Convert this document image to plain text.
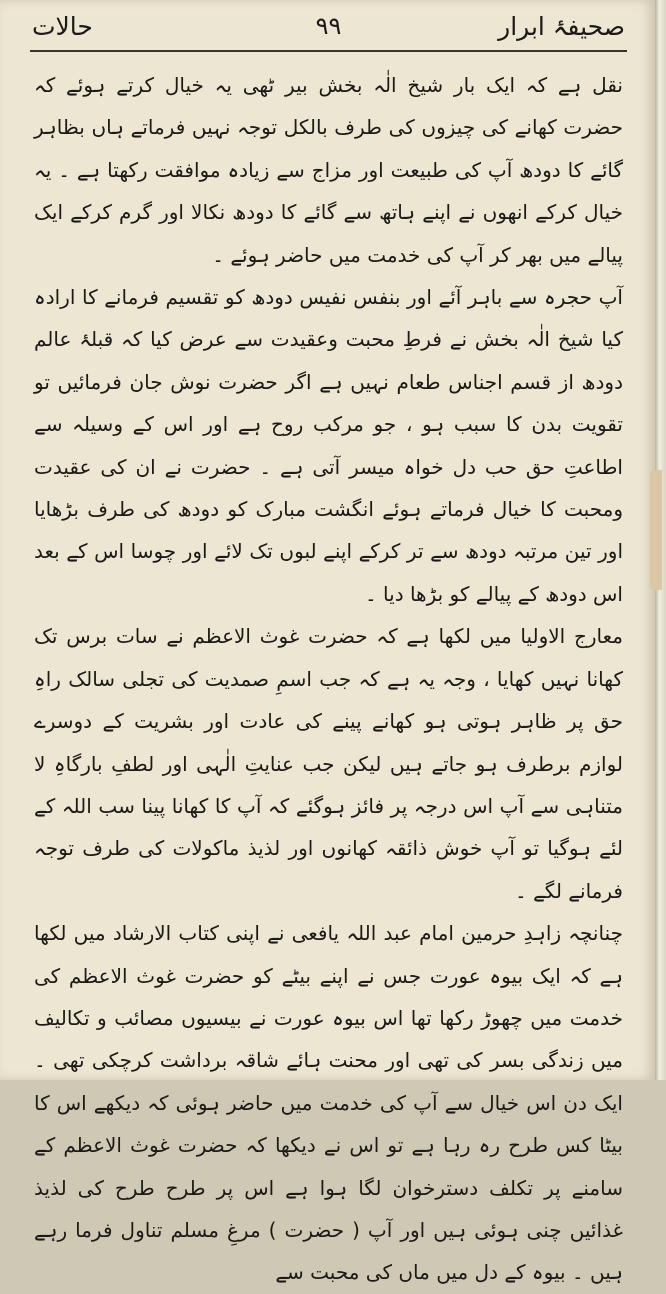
صحیفۂ ابرار
۹۹
حالات

نقل ہے کہ ایک بار شیخ الٰہ بخش بیر ٹھی یہ خیال کرتے ہوئے کہ حضرت کھانے کی چیزوں کی طرف بالکل توجہ نہیں فرماتے ہاں بظاہر گائے کا دودھ آپ کی طبیعت اور مزاج سے زیادہ موافقت رکھتا ہے ۔ یہ خیال کرکے انھوں نے اپنے ہاتھ سے گائے کا دودھ نکالا اور گرم کرکے ایک پیالے میں بھر کر آپ کی خدمت میں حاضر ہوئے ۔

آپ حجرہ سے باہر آئے اور بنفس نفیس دودھ کو تقسیم فرمانے کا ارادہ کیا شیخ الٰہ بخش نے فرطِ محبت وعقیدت سے عرض کیا کہ قبلۂ عالم دودھ از قسم اجناس طعام نہیں ہے اگر حضرت نوش جان فرمائیں تو تقویت بدن کا سبب ہو ، جو مرکب روح ہے اور اس کے وسیلہ سے اطاعتِ حق حب دل خواہ میسر آتی ہے ۔ حضرت نے ان کی عقیدت ومحبت کا خیال فرماتے ہوئے انگشت مبارک کو دودھ کی طرف بڑھایا اور تین مرتبہ دودھ سے تر کرکے اپنے لبوں تک لائے اور چوسا اس کے بعد اس دودھ کے پیالے کو بڑھا دیا ۔

معارج الاولیا میں لکھا ہے کہ حضرت غوث الاعظم نے سات برس تک کھانا نہیں کھایا ، وجہ یہ ہے کہ جب اسمِ صمدیت کی تجلی سالک راہِ حق پر ظاہر ہوتی ہو کھانے پینے کی عادت اور بشریت کے دوسرے لوازم برطرف ہو جاتے ہیں لیکن جب عنایتِ الٰہی اور لطفِ بارگاہِ لا متناہی سے آپ اس درجہ پر فائز ہوگئے کہ آپ کا کھانا پینا سب اللہ کے لئے ہوگیا تو آپ خوش ذائقہ کھانوں اور لذیذ ماکولات کی طرف توجہ فرمانے لگے ۔

چنانچہ زاہدِ حرمین امام عبد اللہ یافعی نے اپنی کتاب الارشاد میں لکھا ہے کہ ایک بیوہ عورت جس نے اپنے بیٹے کو حضرت غوث الاعظم کی خدمت میں چھوڑ رکھا تھا اس بیوہ عورت نے بیسیوں مصائب و تکالیف میں زندگی بسر کی تھی اور محنت ہائے شاقہ برداشت کرچکی تھی ۔ ایک دن اس خیال سے آپ کی خدمت میں حاضر ہوئی کہ دیکھے اس کا بیٹا کس طرح رہ رہا ہے تو اس نے دیکھا کہ حضرت غوث الاعظم کے سامنے پر تکلف دسترخوان لگا ہوا ہے اس پر طرح طرح کی لذیذ غذائیں چنی ہوئی ہیں اور آپ ( حضرت ) مرغِ مسلم تناول فرما رہے ہیں ۔ بیوہ کے دل میں ماں کی محبت سے
